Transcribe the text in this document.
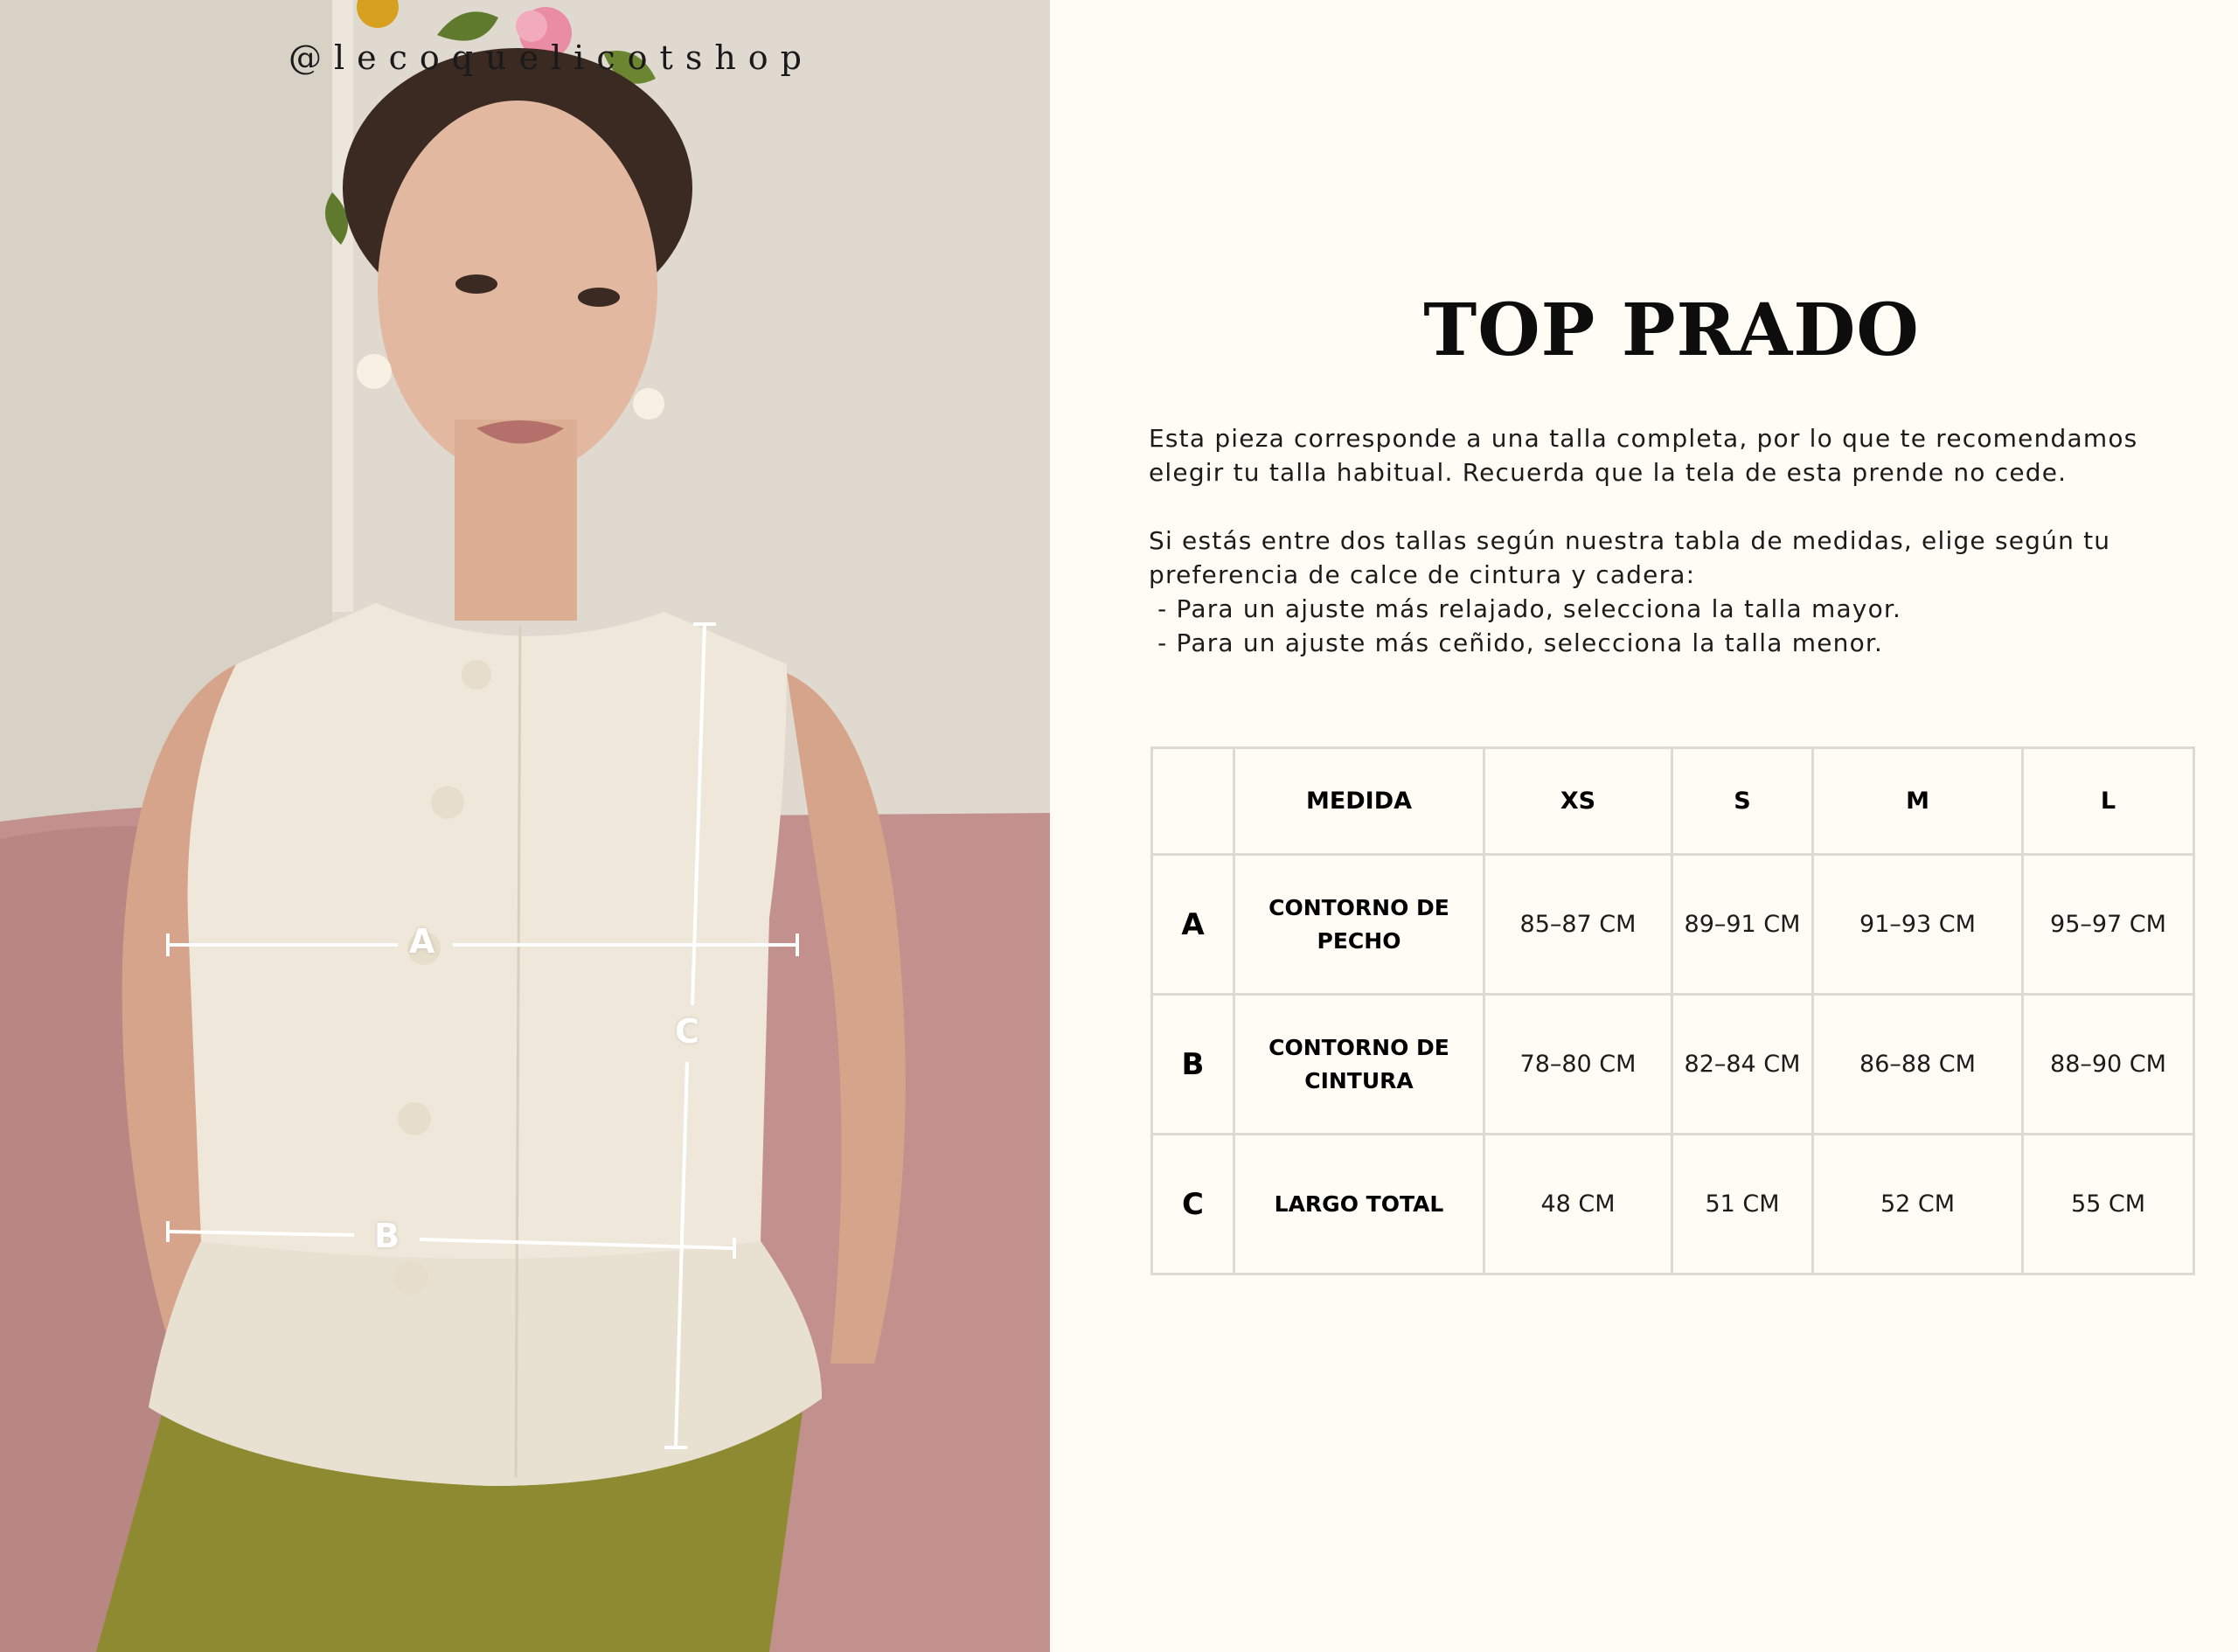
@lecoquelicotshop
A
B
C
TOP PRADO

Esta pieza corresponde a una talla completa, por lo que te recomendamos elegir tu talla habitual. Recuerda que la tela de esta prende no cede.

Si estás entre dos tallas según nuestra tabla de medidas, elige según tu preferencia de calce de cintura y cadera:

- Para un ajuste más relajado, selecciona la talla mayor.

- Para un ajuste más ceñido, selecciona la talla menor.

	MEDIDA	XS	S	M	L
A	CONTORNO DE PECHO	85–87 CM	89–91 CM	91–93 CM	95–97 CM
B	CONTORNO DE CINTURA	78–80 CM	82–84 CM	86–88 CM	88–90 CM
C	LARGO TOTAL	48 CM	51 CM	52 CM	55 CM
